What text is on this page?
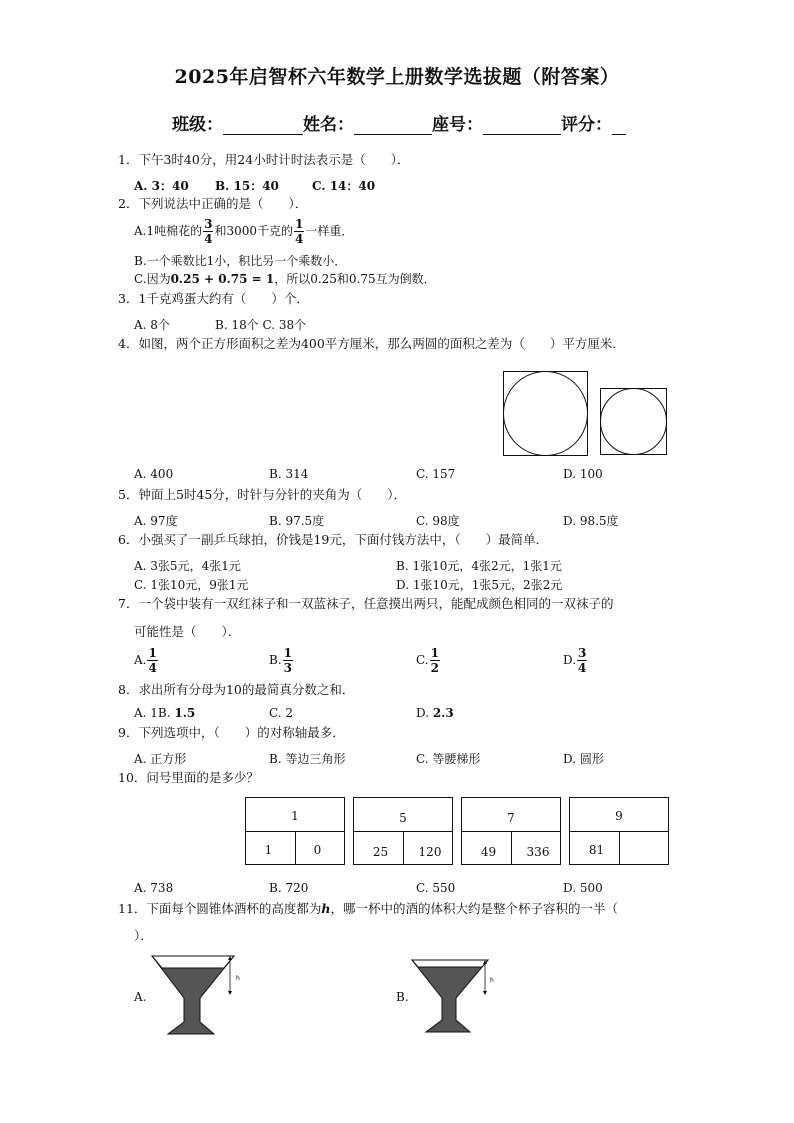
2025年启智杯六年数学上册数学选拔题（附答案）
班级：	姓名：	座号：	评分：
1．下午3时40分，用24小时计时法表示是（　　）．
A. 3：40 B. 15：40	C. 14：40
2．下列说法中正确的是（　　）．
A.1吨棉花的 $\frac{3}{4}$ 和3000千克的 $\frac{1}{4}$ 一样重．
B.一个乘数比1小，积比另一个乘数小．
C.因为0.25 + 0.75 = 1，所以0.25和0.75互为倒数．
3．1千克鸡蛋大约有（　　）个．
A. 8个	B. 18个 C. 38个
4．如图，两个正方形面积之差为400平方厘米，那么两圆的面积之差为（　　）平方厘米．
A. 400	B. 314	C. 157	D. 100
5．钟面上5时45分，时针与分针的夹角为（　　）．
A. 97度	B. 97.5度	C. 98度	D. 98.5度
6．小强买了一副乒乓球拍，价钱是19元，下面付钱方法中，（　　）最简单．
A. 3张5元，4张1元	B. 1张10元，4张2元，1张1元
C. 1张10元，9张1元	D. 1张10元，1张5元，2张2元
7．一个袋中装有一双红袜子和一双蓝袜子，任意摸出两只，能配成颜色相同的一双袜子的
可能性是（　　）．
A. $\frac{1}{4}$	B. $\frac{1}{3}$	C. $\frac{1}{2}$	D. $\frac{3}{4}$
8．求出所有分母为10的最简真分数之和．
A. 1B. 1.5	C. 2	D. 2.3
9．下列选项中，（　　）的对称轴最多．
A. 正方形	B. 等边三角形	C. 等腰梯形	D. 圆形
10．问号里面的是多少？
1
1	0
5
25	120
7
49	336
9
81
A. 738	B. 720	C. 550	D. 500
11．下面每个圆锥体酒杯的高度都为h，哪一杯中的酒的体积大约是整个杯子容积的一半（
）．
A.
h
B.
h
